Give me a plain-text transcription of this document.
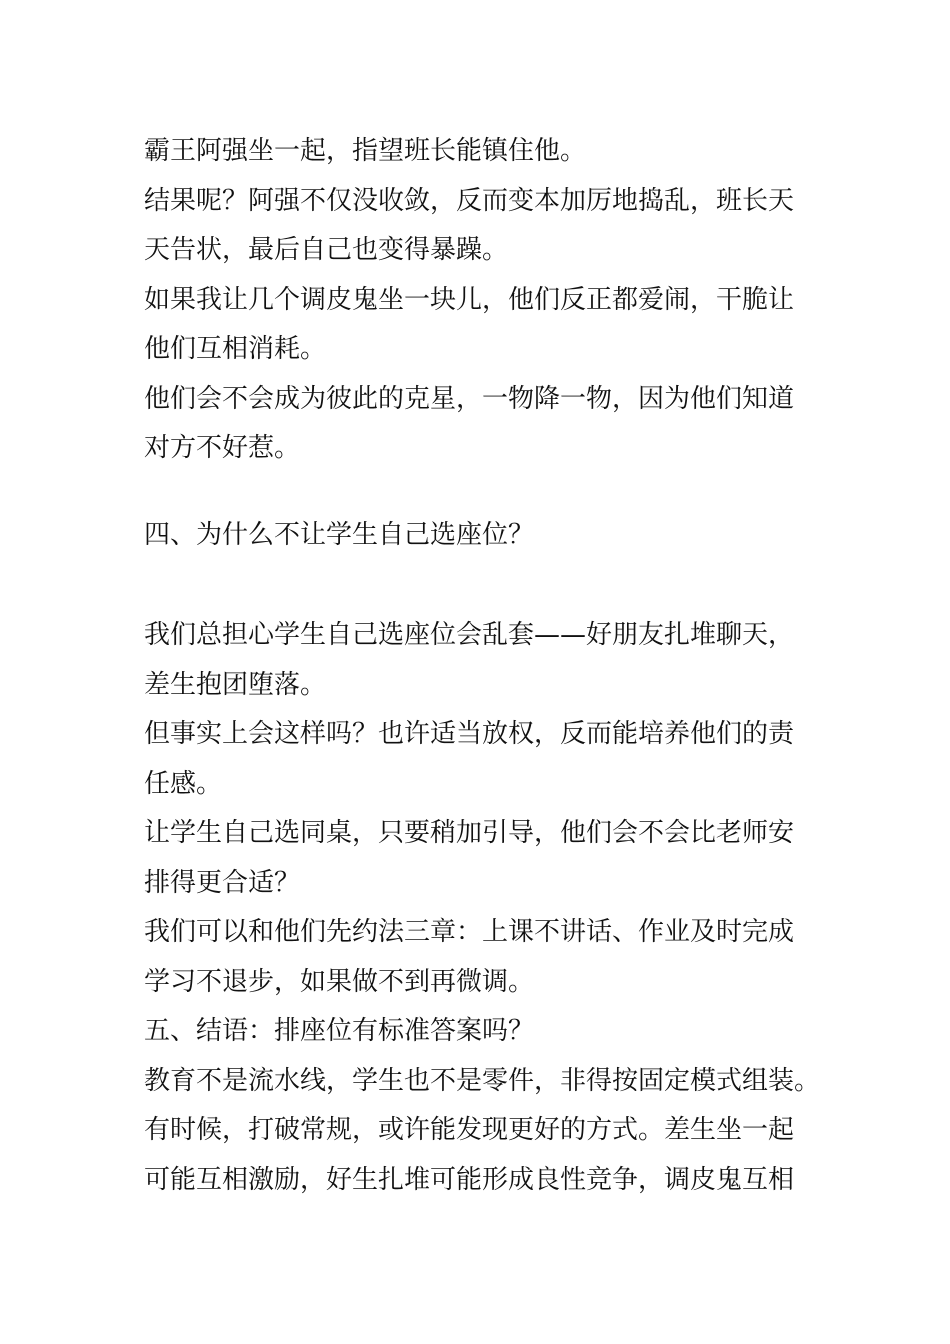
霸王阿强坐一起，指望班长能镇住他。
结果呢？阿强不仅没收敛，反而变本加厉地捣乱，班长天
天告状，最后自己也变得暴躁。
如果我让几个调皮鬼坐一块儿，他们反正都爱闹，干脆让
他们互相消耗。
他们会不会成为彼此的克星，一物降一物，因为他们知道
对方不好惹。
四、为什么不让学生自己选座位？
我们总担心学生自己选座位会乱套——好朋友扎堆聊天，
差生抱团堕落。
但事实上会这样吗？也许适当放权，反而能培养他们的责
任感。
让学生自己选同桌，只要稍加引导，他们会不会比老师安
排得更合适？
我们可以和他们先约法三章：上课不讲话、作业及时完成
学习不退步，如果做不到再微调。
五、结语：排座位有标准答案吗？
教育不是流水线，学生也不是零件，非得按固定模式组装。
有时候，打破常规，或许能发现更好的方式。差生坐一起
可能互相激励，好生扎堆可能形成良性竞争，调皮鬼互相
